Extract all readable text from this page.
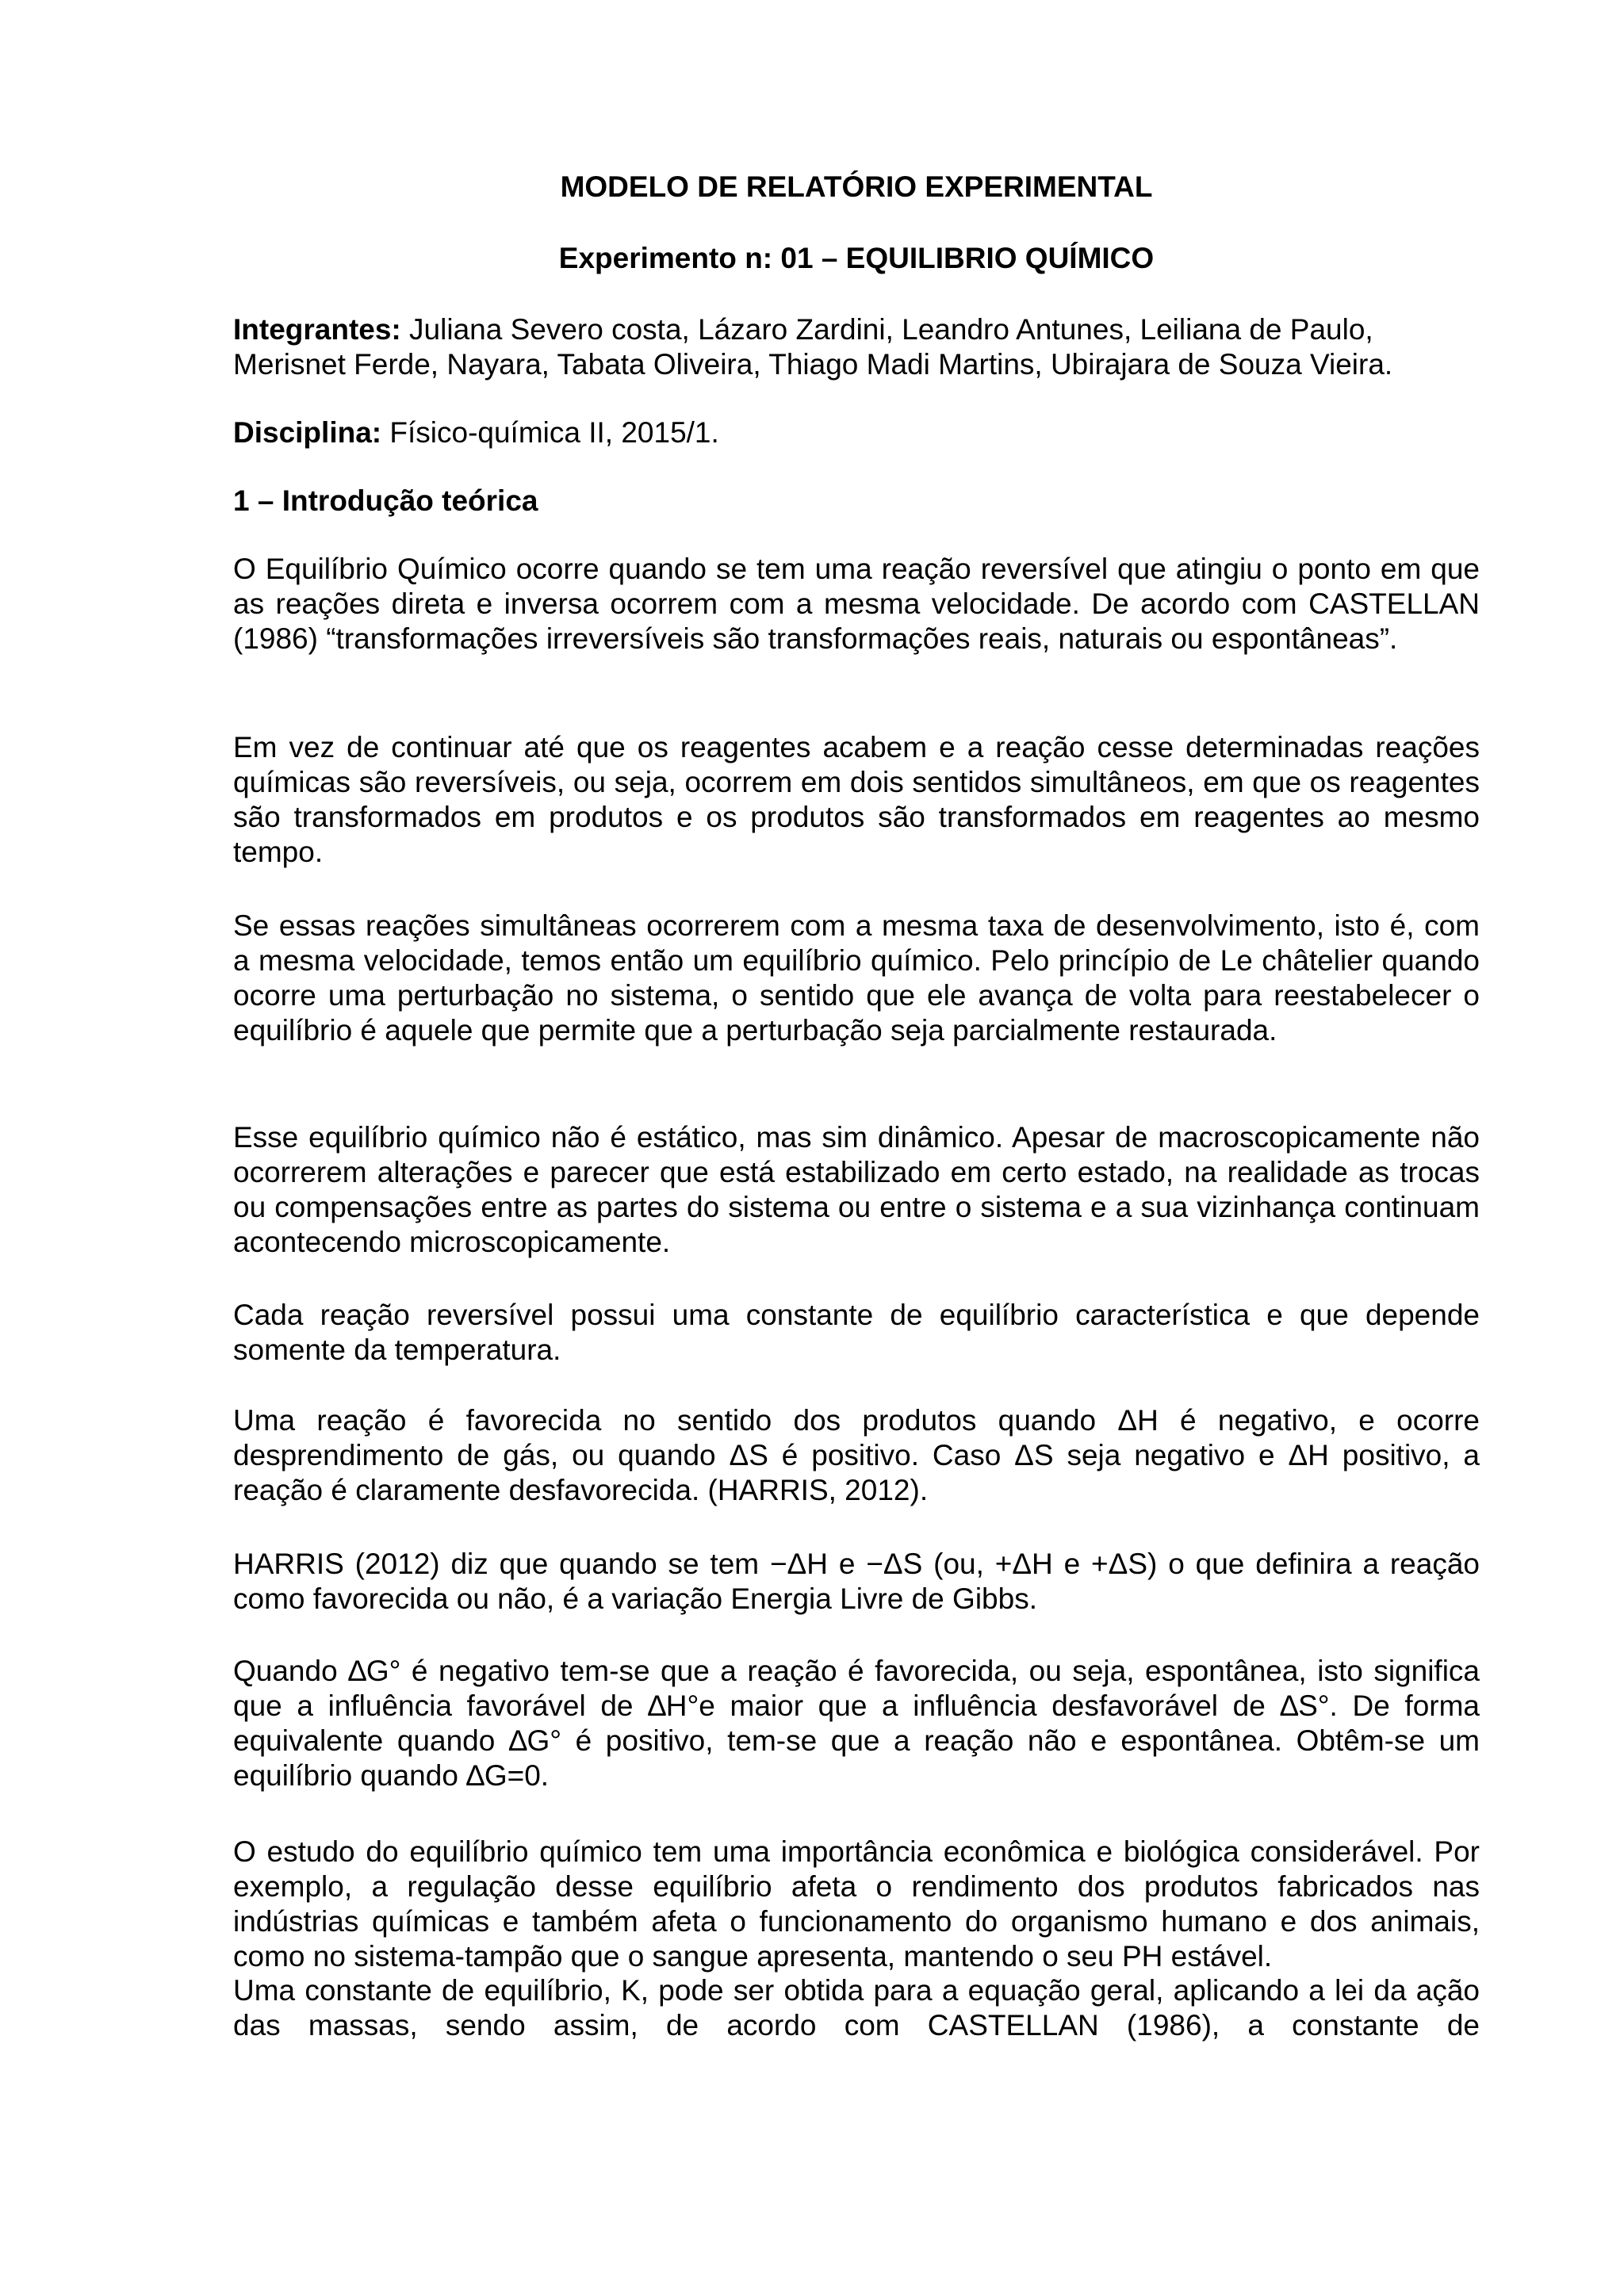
MODELO DE RELATÓRIO EXPERIMENTAL
Experimento n: 01 – EQUILIBRIO QUÍMICO

Integrantes: Juliana Severo costa, Lázaro Zardini, Leandro Antunes, Leiliana de Paulo, Merisnet Ferde, Nayara, Tabata Oliveira, Thiago Madi Martins, Ubirajara de Souza Vieira.

Disciplina: Físico-química II, 2015/1.

1 – Introdução teórica

O Equilíbrio Químico ocorre quando se tem uma reação reversível que atingiu o ponto em que as reações direta e inversa ocorrem com a mesma velocidade. De acordo com CASTELLAN (1986) “transformações irreversíveis são transformações reais, naturais ou espontâneas”.

Em vez de continuar até que os reagentes acabem e a reação cesse determinadas reações químicas são reversíveis, ou seja, ocorrem em dois sentidos simultâneos, em que os reagentes são transformados em produtos e os produtos são transformados em reagentes ao mesmo tempo.

Se essas reações simultâneas ocorrerem com a mesma taxa de desenvolvimento, isto é, com a mesma velocidade, temos então um equilíbrio químico. Pelo princípio de Le châtelier quando ocorre uma perturbação no sistema, o sentido que ele avança de volta para reestabelecer o equilíbrio é aquele que permite que a perturbação seja parcialmente restaurada.

Esse equilíbrio químico não é estático, mas sim dinâmico. Apesar de macroscopicamente não ocorrerem alterações e parecer que está estabilizado em certo estado, na realidade as trocas ou compensações entre as partes do sistema ou entre o sistema e a sua vizinhança continuam acontecendo microscopicamente.

Cada reação reversível possui uma constante de equilíbrio característica e que depende somente da temperatura.

Uma reação é favorecida no sentido dos produtos quando ΔH é negativo, e ocorre desprendimento de gás, ou quando ΔS é positivo. Caso ΔS seja negativo e ΔH positivo, a reação é claramente desfavorecida. (HARRIS, 2012).

HARRIS (2012) diz que quando se tem −ΔH e −ΔS (ou, +ΔH e +ΔS) o que definira a reação como favorecida ou não, é a variação Energia Livre de Gibbs.

Quando ∆G° é negativo tem-se que a reação é favorecida, ou seja, espontânea, isto significa que a influência favorável de ∆H°e maior que a influência desfavorável de ∆S°. De forma equivalente quando ∆G° é positivo, tem-se que a reação não e espontânea. Obtêm-se um equilíbrio quando ∆G=0.

O estudo do equilíbrio químico tem uma importância econômica e biológica considerável. Por exemplo, a regulação desse equilíbrio afeta o rendimento dos produtos fabricados nas indústrias químicas e também afeta o funcionamento do organismo humano e dos animais, como no sistema-tampão que o sangue apresenta, mantendo o seu PH estável.

Uma constante de equilíbrio, K, pode ser obtida para a equação geral, aplicando a lei da ação das massas, sendo assim, de acordo com CASTELLAN (1986), a constante de
